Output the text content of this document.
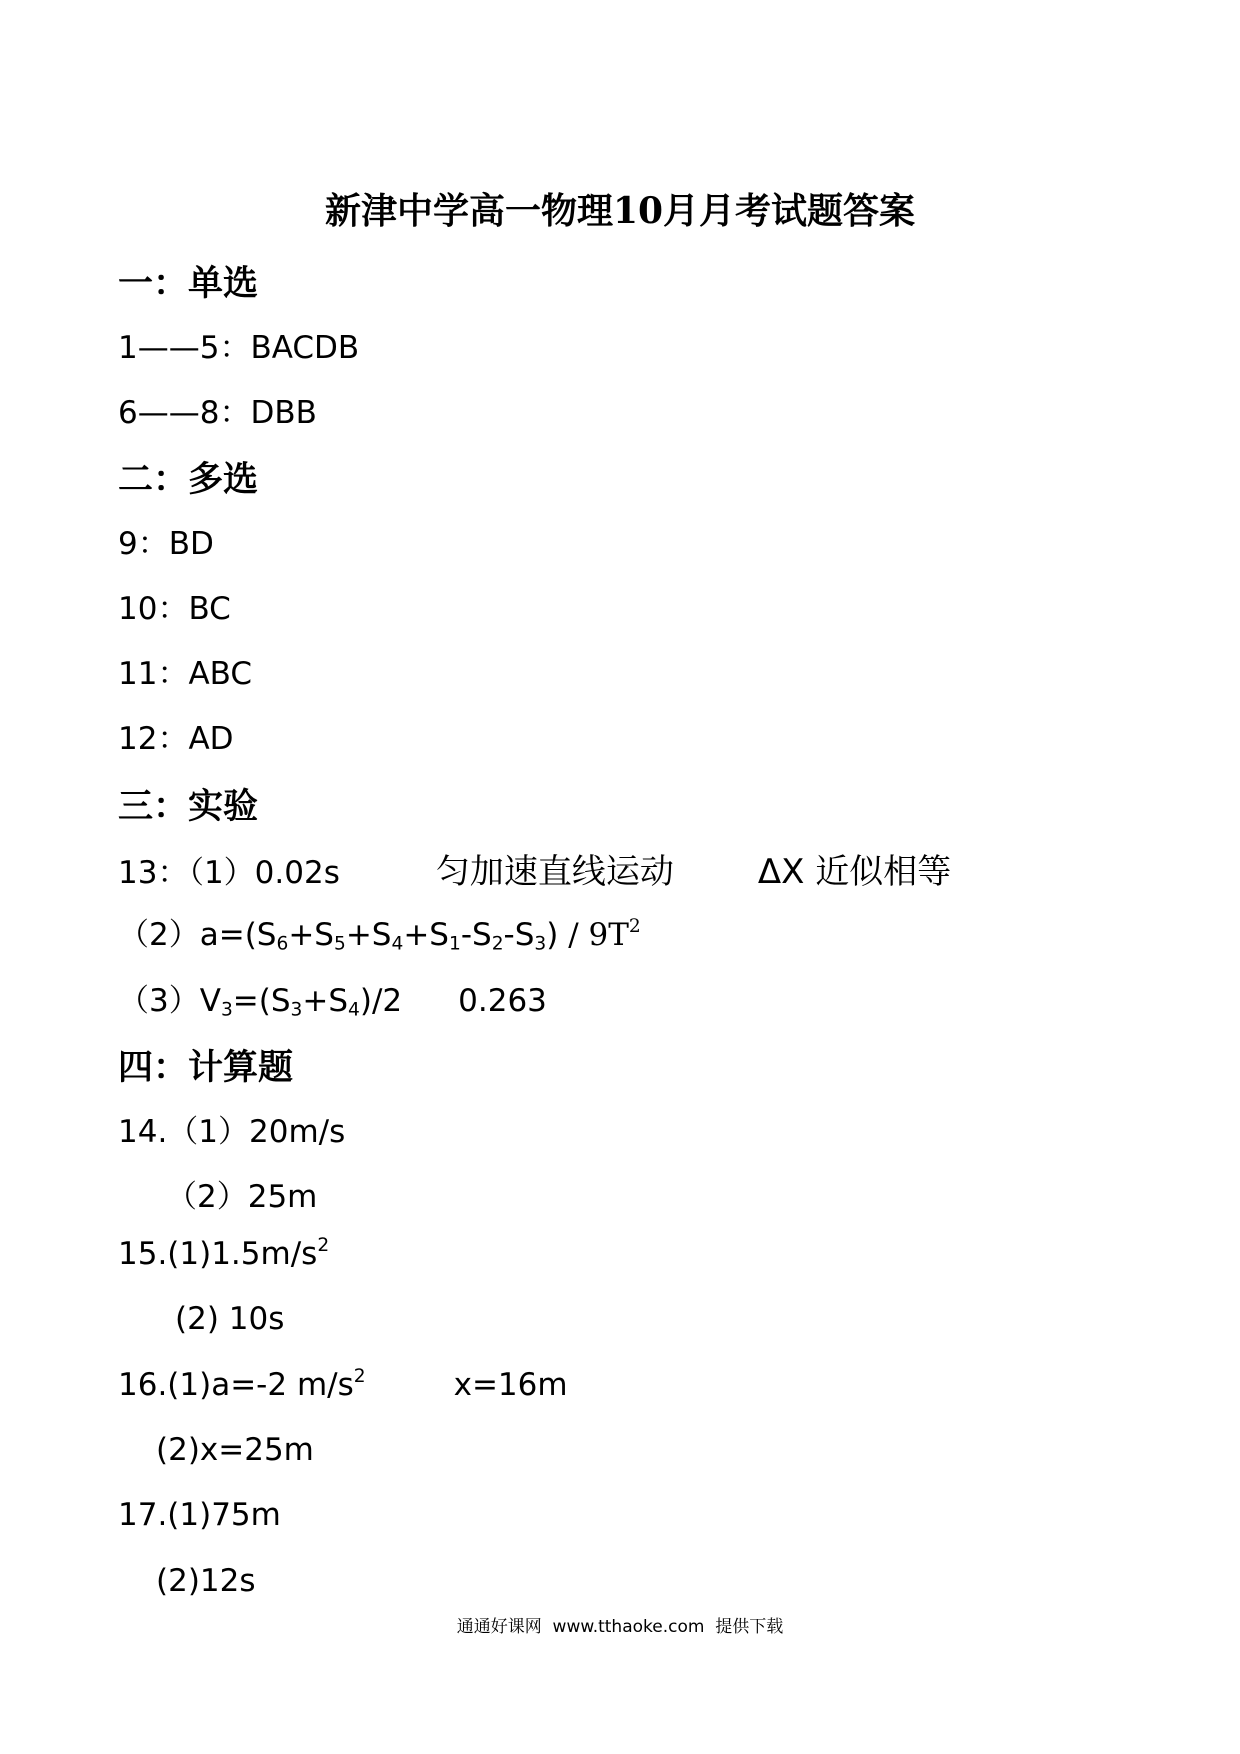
新津中学高一物理10月月考试题答案
一：单选
1——5：BACDB
6——8：DBB
二：多选
9：BD
10：BC
11：ABC
12：AD
三：实验
13：（1）0.02s	匀加速直线运动 ΔX 近似相等
$(2)a=(S_6+S_5+S_4+S_1-S_2-S_3) / 9T^2$
$(3)V_3=(S_3+S_4)/2$ 0.263
四：计算题
14.（1）20m/s
（2）25m
$15.(1)1.5m/s^2$
(2) 10s
16.(1)a=-2 $m/s^2$	x=16m
(2)x=25m
17.(1)75m
(2)12s
通通好课网  www.tthaoke.com  提供下载
